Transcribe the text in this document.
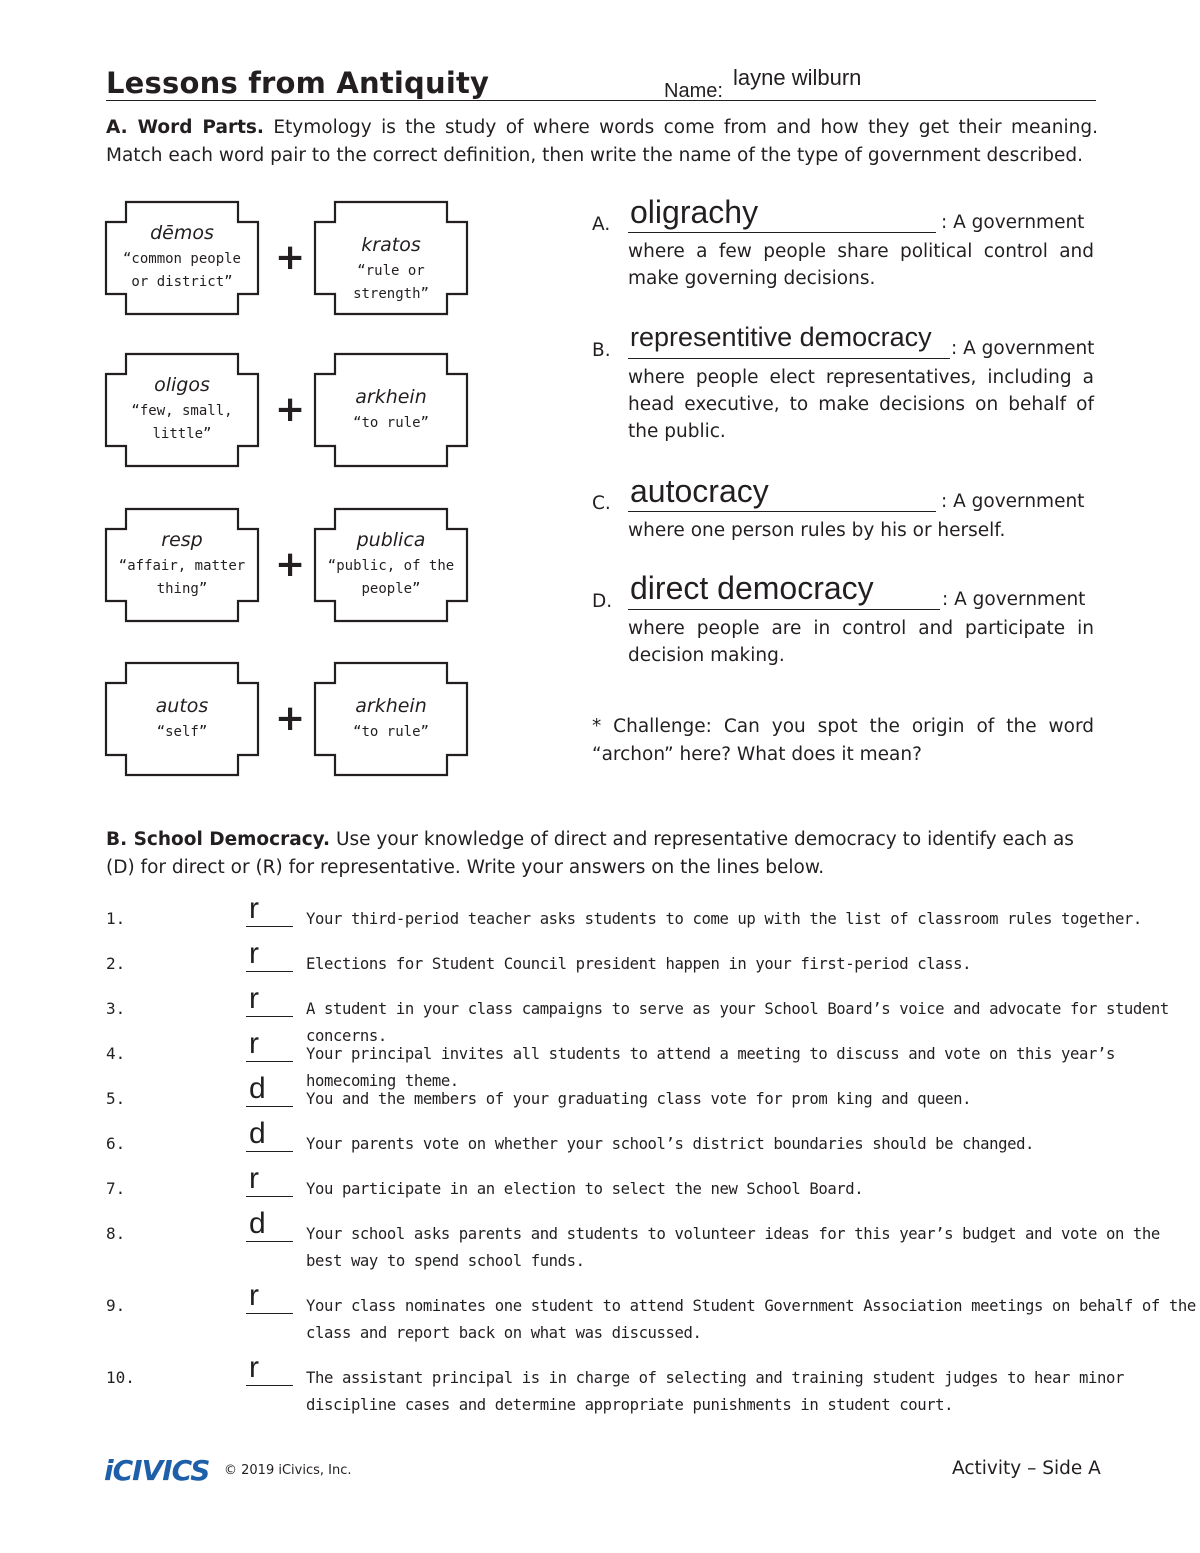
Lessons from Antiquity	Name:
layne wilburn
A. Word Parts. Etymology is the study of where words come from and how they get their meaning. Match each word pair to the correct definition, then write the name of the type of government described.
dēmos
“common people or district”
kratos
“rule or strength”
+
oligos
“few, small, little”
arkhein
“to rule”
+
resp
“affair, matter thing”
publica
“public, of the people”
+
autos
“self”
arkhein
“to rule”
+
A. oligrachy	: A government
where a few people share political control and make governing decisions.
B. representitive democracy : A government
where people elect representatives, including a head executive, to make decisions on behalf of the public.
C. autocracy	: A government
where one person rules by his or herself.
D. direct democracy	: A government
where people are in control and participate in decision making.
* Challenge: Can you spot the origin of the word “archon” here? What does it mean?
B. School Democracy. Use your knowledge of direct and representative democracy to identify each as (D) for direct or (R) for representative. Write your answers on the lines below.
1.	r	Your third-period teacher asks students to come up with the list of classroom rules together.
2.	r	Elections for Student Council president happen in your first-period class.
3.	r	A student in your class campaigns to serve as your School Board’s voice and advocate for student concerns.
4.	r	Your principal invites all students to attend a meeting to discuss and vote on this year’s homecoming theme.
5.	d	You and the members of your graduating class vote for prom king and queen.
6.	d	Your parents vote on whether your school’s district boundaries should be changed.
7.	r	You participate in an election to select the new School Board.
8.	d	Your school asks parents and students to volunteer ideas for this year’s budget and vote on the best way to spend school funds.
9.	r	Your class nominates one student to attend Student Government Association meetings on behalf of the class and report back on what was discussed.
10.	r	The assistant principal is in charge of selecting and training student judges to hear minor discipline cases and determine appropriate punishments in student court.
iCIVICS © 2019 iCivics, Inc.	Activity – Side A
